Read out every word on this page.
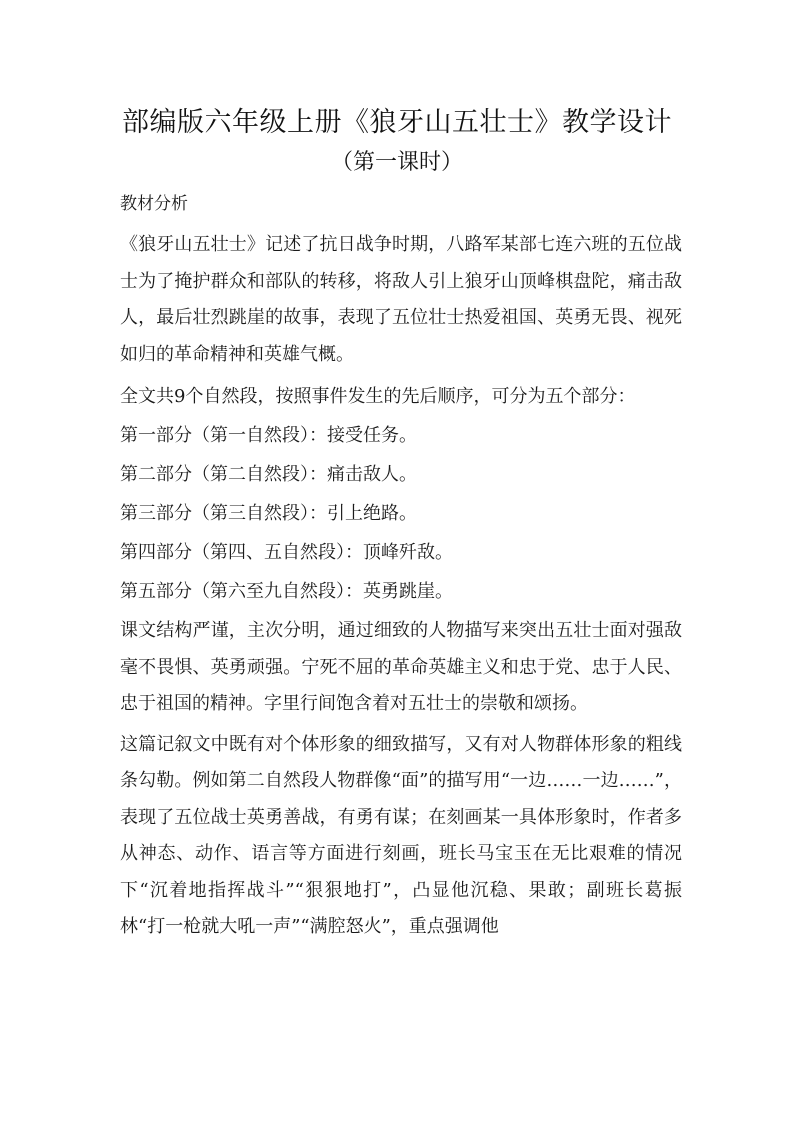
部编版六年级上册《狼牙山五壮士》教学设计
（第一课时）
教材分析

《狼牙山五壮士》记述了抗日战争时期，八路军某部七连六班的五位战士为了掩护群众和部队的转移，将敌人引上狼牙山顶峰棋盘陀，痛击敌人，最后壮烈跳崖的故事，表现了五位壮士热爱祖国、英勇无畏、视死如归的革命精神和英雄气概。

全文共9个自然段，按照事件发生的先后顺序，可分为五个部分：

第一部分（第一自然段）：接受任务。

第二部分（第二自然段）：痛击敌人。

第三部分（第三自然段）：引上绝路。

第四部分（第四、五自然段）：顶峰歼敌。

第五部分（第六至九自然段）：英勇跳崖。

课文结构严谨，主次分明，通过细致的人物描写来突出五壮士面对强敌毫不畏惧、英勇顽强。宁死不屈的革命英雄主义和忠于党、忠于人民、忠于祖国的精神。字里行间饱含着对五壮士的崇敬和颂扬。

这篇记叙文中既有对个体形象的细致描写，又有对人物群体形象的粗线条勾勒。例如第二自然段人物群像“面”的描写用“一边……一边……”，表现了五位战士英勇善战，有勇有谋；在刻画某一具体形象时，作者多从神态、动作、语言等方面进行刻画，班长马宝玉在无比艰难的情况下“沉着地指挥战斗”“狠狠地打”，凸显他沉稳、果敢；副班长葛振林“打一枪就大吼一声”“满腔怒火”，重点强调他
